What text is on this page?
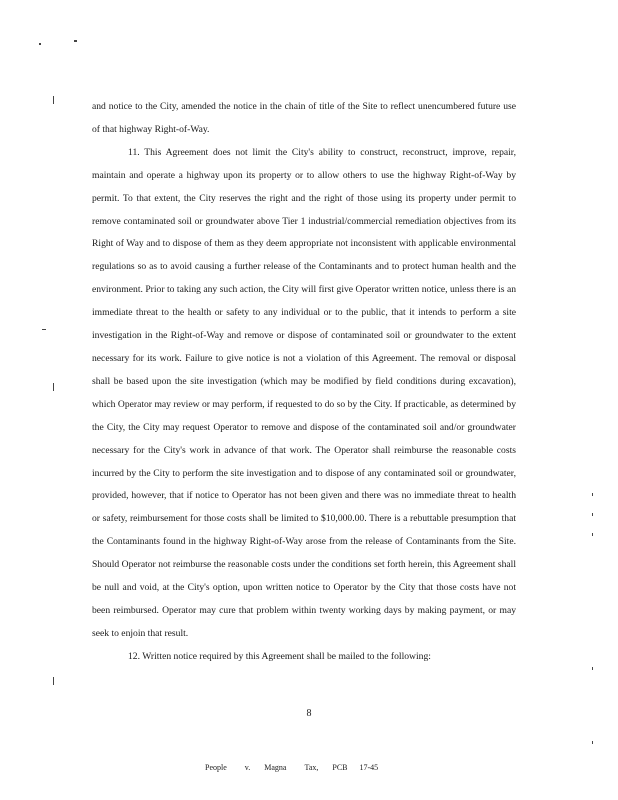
and notice to the City, amended the notice in the chain of title of the Site to reflect unencumbered future use of that highway Right-of-Way.

11. This Agreement does not limit the City's ability to construct, reconstruct, improve, repair, maintain and operate a highway upon its property or to allow others to use the highway Right-of-Way by permit. To that extent, the City reserves the right and the right of those using its property under permit to remove contaminated soil or groundwater above Tier 1 industrial/commercial remediation objectives from its Right of Way and to dispose of them as they deem appropriate not inconsistent with applicable environmental regulations so as to avoid causing a further release of the Contaminants and to protect human health and the environment. Prior to taking any such action, the City will first give Operator written notice, unless there is an immediate threat to the health or safety to any individual or to the public, that it intends to perform a site investigation in the Right-of-Way and remove or dispose of contaminated soil or groundwater to the extent necessary for its work. Failure to give notice is not a violation of this Agreement. The removal or disposal shall be based upon the site investigation (which may be modified by field conditions during excavation), which Operator may review or may perform, if requested to do so by the City. If practicable, as determined by the City, the City may request Operator to remove and dispose of the contaminated soil and/or groundwater necessary for the City's work in advance of that work. The Operator shall reimburse the reasonable costs incurred by the City to perform the site investigation and to dispose of any contaminated soil or groundwater, provided, however, that if notice to Operator has not been given and there was no immediate threat to health or safety, reimbursement for those costs shall be limited to $10,000.00. There is a rebuttable presumption that the Contaminants found in the highway Right-of-Way arose from the release of Contaminants from the Site. Should Operator not reimburse the reasonable costs under the conditions set forth herein, this Agreement shall be null and void, at the City's option, upon written notice to Operator by the City that those costs have not been reimbursed. Operator may cure that problem within twenty working days by making payment, or may seek to enjoin that result.

12. Written notice required by this Agreement shall be mailed to the following:

8
People v. Magna Tax, PCB 17-45
